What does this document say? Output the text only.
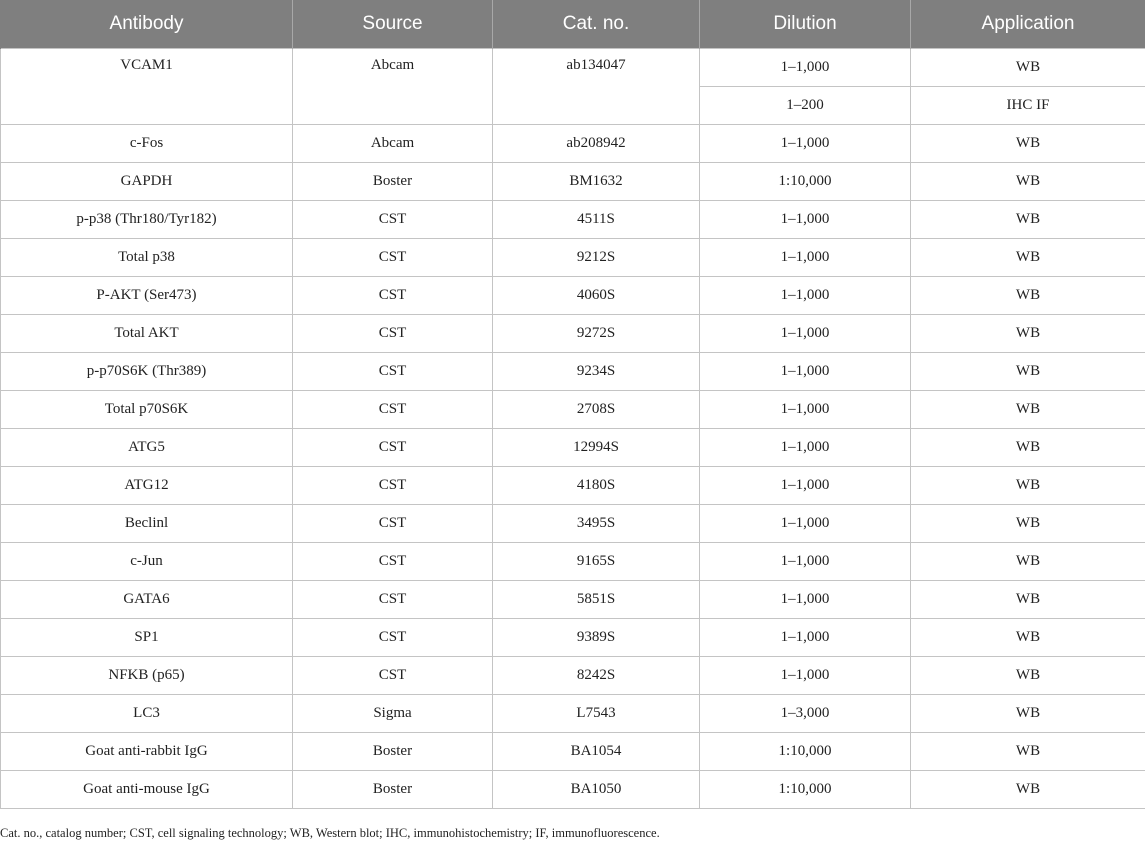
Antibody	Source	Cat. no.	Dilution	Application
VCAM1	Abcam	ab134047	1–1,000	WB
			1–200	IHC IF
c-Fos	Abcam	ab208942	1–1,000	WB
GAPDH	Boster	BM1632	1:10,000	WB
p-p38 (Thr180/Tyr182)	CST	4511S	1–1,000	WB
Total p38	CST	9212S	1–1,000	WB
P-AKT (Ser473)	CST	4060S	1–1,000	WB
Total AKT	CST	9272S	1–1,000	WB
p-p70S6K (Thr389)	CST	9234S	1–1,000	WB
Total p70S6K	CST	2708S	1–1,000	WB
ATG5	CST	12994S	1–1,000	WB
ATG12	CST	4180S	1–1,000	WB
Beclinl	CST	3495S	1–1,000	WB
c-Jun	CST	9165S	1–1,000	WB
GATA6	CST	5851S	1–1,000	WB
SP1	CST	9389S	1–1,000	WB
NFKB (p65)	CST	8242S	1–1,000	WB
LC3	Sigma	L7543	1–3,000	WB
Goat anti-rabbit IgG	Boster	BA1054	1:10,000	WB
Goat anti-mouse IgG	Boster	BA1050	1:10,000	WB
Cat. no., catalog number; CST, cell signaling technology; WB, Western blot; IHC, immunohistochemistry; IF, immunofluorescence.
